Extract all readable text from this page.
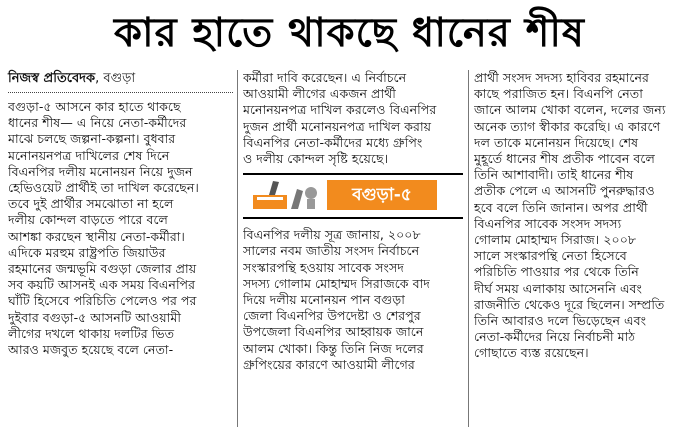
কার হাতে থাকছে ধানের শীষ
নিজস্ব প্রতিবেদক, বগুড়া
বগুড়া-৫ আসনে কার হাতে থাকছে
ধানের শীষ— এ নিয়ে নেতা-কর্মীদের
মাঝে চলছে জল্পনা-কল্পনা। বুধবার
মনোনয়নপত্র দাখিলের শেষ দিনে
বিএনপির দলীয় মনোনয়ন নিয়ে দুজন
হেভিওয়েট প্রার্থীই তা দাখিল করেছেন।
তবে দুই প্রার্থীর সমঝোতা না হলে
দলীয় কোন্দল বাড়তে পারে বলে
আশঙ্কা করছেন স্থানীয় নেতা-কর্মীরা।
এদিকে মরহুম রাষ্ট্রপতি জিয়াউর
রহমানের জন্মভূমি বগুড়া জেলার প্রায়
সব কয়টি আসনই এক সময় বিএনপির
ঘাঁটি হিসেবে পরিচিতি পেলেও পর পর
দুইবার বগুড়া-৫ আসনটি আওয়ামী
লীগের দখলে থাকায় দলটির ভিত
আরও মজবুত হয়েছে বলে নেতা-
কর্মীরা দাবি করেছেন। এ নির্বাচনে
আওয়ামী লীগের একজন প্রার্থী
মনোনয়নপত্র দাখিল করলেও বিএনপির
দুজন প্রার্থী মনোনয়নপত্র দাখিল করায়
বিএনপির নেতা-কর্মীদের মধ্যে গ্রুপিং
ও দলীয় কোন্দল সৃষ্টি হয়েছে।
বগুড়া-৫
বিএনপির দলীয় সূত্র জানায়, ২০০৮
সালের নবম জাতীয় সংসদ নির্বাচনে
সংস্কারপন্থি হওয়ায় সাবেক সংসদ
সদস্য গোলাম মোহাম্মদ সিরাজকে বাদ
দিয়ে দলীয় মনোনয়ন পান বগুড়া
জেলা বিএনপির উপদেষ্টা ও শেরপুর
উপজেলা বিএনপির আহ্বায়ক জানে
আলম খোকা। কিন্তু তিনি নিজ দলের
গ্রুপিংয়ের কারণে আওয়ামী লীগের
প্রার্থী সংসদ সদস্য হাবিবর রহমানের
কাছে পরাজিত হন। বিএনপি নেতা
জানে আলম খোকা বলেন, দলের জন্য
অনেক ত্যাগ স্বীকার করেছি। এ কারণে
দল তাকে মনোনয়ন দিয়েছে। শেষ
মুহূর্তে ধানের শীষ প্রতীক পাবেন বলে
তিনি আশাবাদী। তাই ধানের শীষ
প্রতীক পেলে এ আসনটি পুনরুদ্ধারও
হবে বলে তিনি জানান। অপর প্রার্থী
বিএনপির সাবেক সংসদ সদস্য
গোলাম মোহাম্মদ সিরাজ। ২০০৮
সালে সংস্কারপন্থি নেতা হিসেবে
পরিচিতি পাওয়ার পর থেকে তিনি
দীর্ঘ সময় এলাকায় আসেননি এবং
রাজনীতি থেকেও দূরে ছিলেন। সম্প্রতি
তিনি আবারও দলে ভিড়েছেন এবং
নেতা-কর্মীদের নিয়ে নির্বাচনী মাঠ
গোছাতে ব্যস্ত রয়েছেন।
